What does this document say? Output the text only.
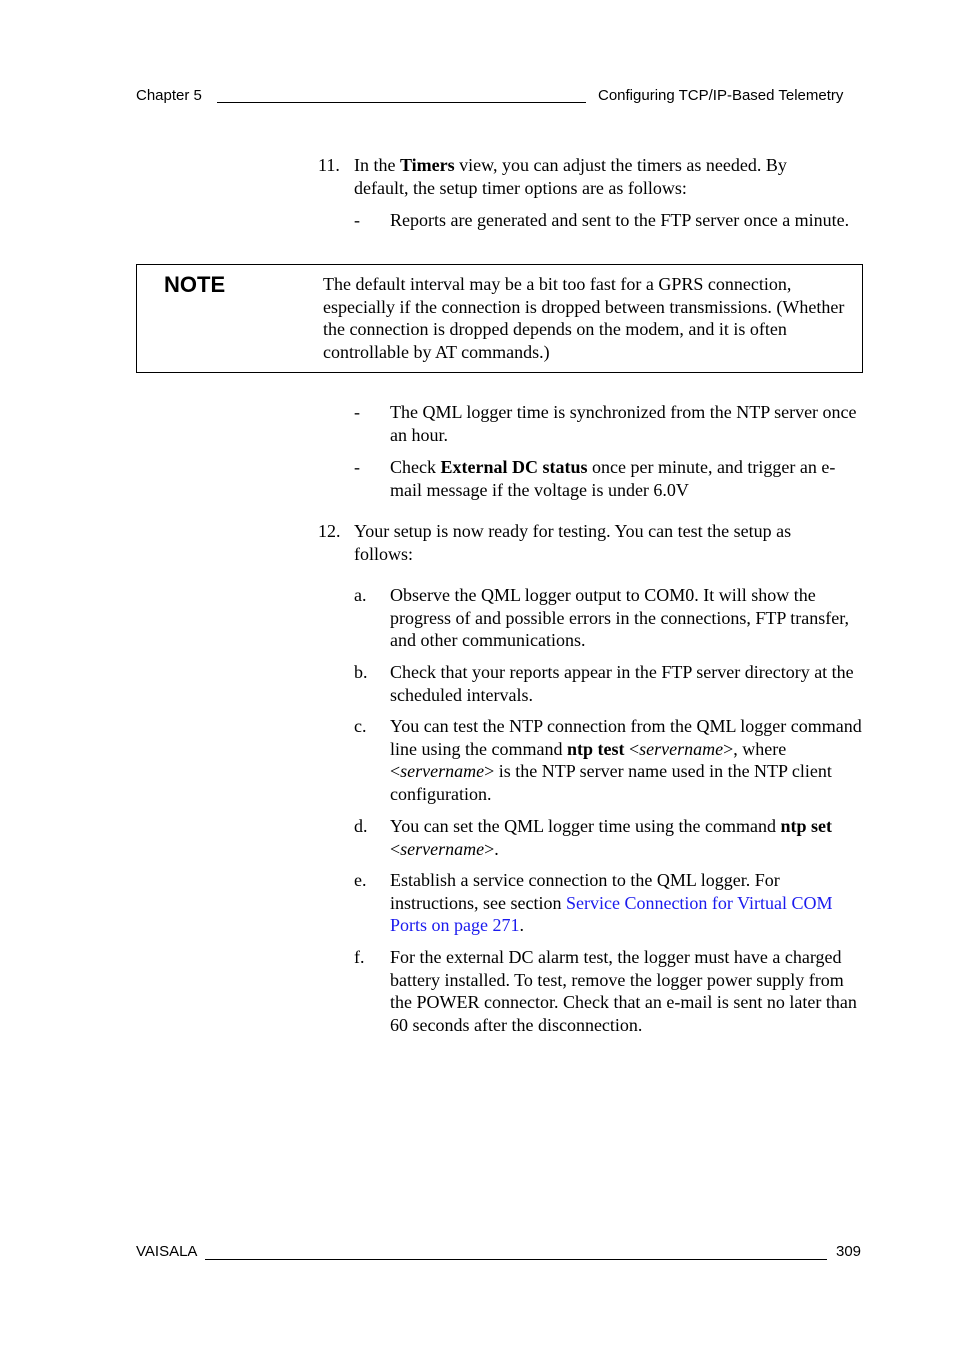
Chapter 5	Configuring TCP/IP-Based Telemetry
11. In the Timers view, you can adjust the timers as needed. By default, the setup timer options are as follows:
- Reports are generated and sent to the FTP server once a minute.
NOTE	The default interval may be a bit too fast for a GPRS connection, especially if the connection is dropped between transmissions. (Whether the connection is dropped depends on the modem, and it is often controllable by AT commands.)
- The QML logger time is synchronized from the NTP server once an hour.
- Check External DC status once per minute, and trigger an e-mail message if the voltage is under 6.0V
12. Your setup is now ready for testing. You can test the setup as follows:
a. Observe the QML logger output to COM0. It will show the progress of and possible errors in the connections, FTP transfer, and other communications.
b. Check that your reports appear in the FTP server directory at the scheduled intervals.
c. You can test the NTP connection from the QML logger command line using the command ntp test <servername>, where <servername> is the NTP server name used in the NTP client configuration.
d. You can set the QML logger time using the command ntp set <servername>.
e. Establish a service connection to the QML logger. For instructions, see section Service Connection for Virtual COM Ports on page 271.
f. For the external DC alarm test, the logger must have a charged battery installed. To test, remove the logger power supply from the POWER connector. Check that an e-mail is sent no later than 60 seconds after the disconnection.
VAISALA	309
